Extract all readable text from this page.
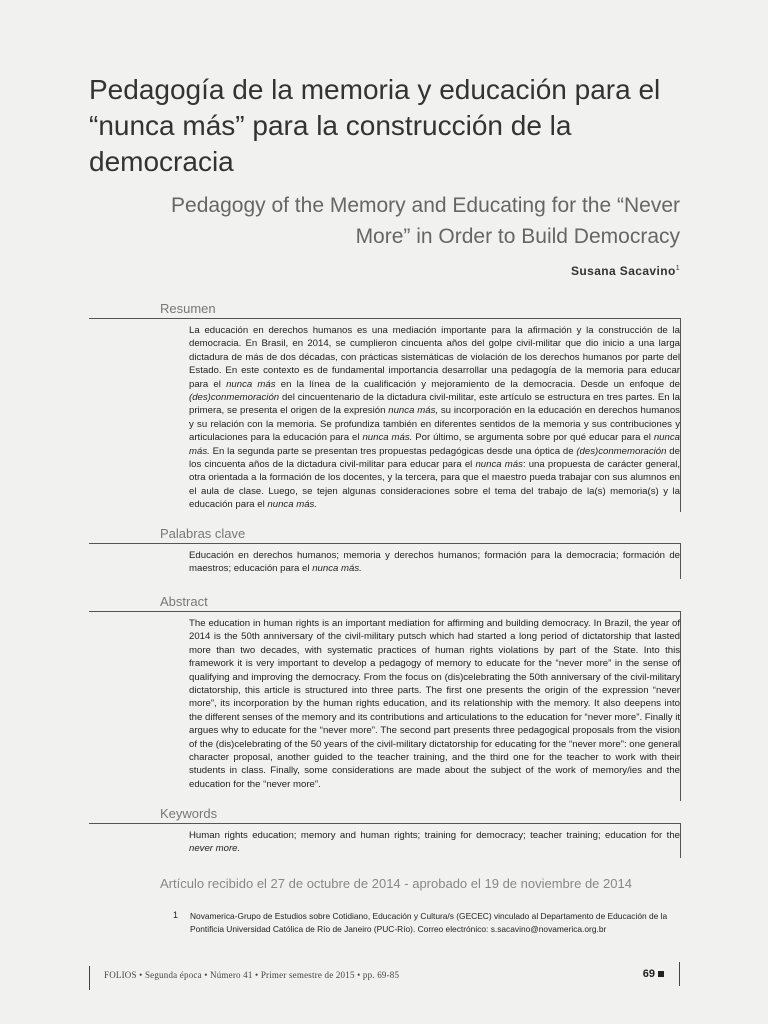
Pedagogía de la memoria y educación para el “nunca más” para la construcción de la democracia
Pedagogy of the Memory and Educating for the “Never More” in Order to Build Democracy
Susana Sacavino$^1$
Resumen
La educación en derechos humanos es una mediación importante para la afirmación y la construcción de la democracia. En Brasil, en 2014, se cumplieron cincuenta años del golpe civil-militar que dio inicio a una larga dictadura de más de dos décadas, con prácticas sistemáticas de violación de los derechos humanos por parte del Estado. En este contexto es de fundamental importancia desarrollar una pedagogía de la memoria para educar para el nunca más en la línea de la cualificación y mejoramiento de la democracia. Desde un enfoque de (des)conmemoración del cincuentenario de la dictadura civil-militar, este artículo se estructura en tres partes. En la primera, se presenta el origen de la expresión nunca más, su incorporación en la educación en derechos humanos y su relación con la memoria. Se profundiza también en diferentes sentidos de la memoria y sus contribuciones y articulaciones para la educación para el nunca más. Por último, se argumenta sobre por qué educar para el nunca más. En la segunda parte se presentan tres propuestas pedagógicas desde una óptica de (des)conmemoración de los cincuenta años de la dictadura civil-militar para educar para el nunca más: una propuesta de carácter general, otra orientada a la formación de los docentes, y la tercera, para que el maestro pueda trabajar con sus alumnos en el aula de clase. Luego, se tejen algunas consideraciones sobre el tema del trabajo de la(s) memoria(s) y la educación para el nunca más.
Palabras clave
Educación en derechos humanos; memoria y derechos humanos; formación para la democracia; formación de maestros; educación para el nunca más.
Abstract
The education in human rights is an important mediation for affirming and building democracy. In Brazil, the year of 2014 is the 50th anniversary of the civil-military putsch which had started a long period of dictatorship that lasted more than two decades, with systematic practices of human rights violations by part of the State. Into this framework it is very important to develop a pedagogy of memory to educate for the “never more” in the sense of qualifying and improving the democracy. From the focus on (dis)celebrating the 50th anniversary of the civil-military dictatorship, this article is structured into three parts. The first one presents the origin of the expression “never more”, its incorporation by the human rights education, and its relationship with the memory. It also deepens into the different senses of the memory and its contributions and articulations to the education for “never more”. Finally it argues why to educate for the “never more”. The second part presents three pedagogical proposals from the vision of the (dis)celebrating of the 50 years of the civil-military dictatorship for educating for the “never more”: one general character proposal, another guided to the teacher training, and the third one for the teacher to work with their students in class. Finally, some considerations are made about the subject of the work of memory/ies and the education for the “never more”.
Keywords
Human rights education; memory and human rights; training for democracy; teacher training; education for the never more.
Artículo recibido el 27 de octubre de 2014 - aprobado el 19 de noviembre de 2014
1 Novamerica-Grupo de Estudios sobre Cotidiano, Educación y Cultura/s (GECEC) vinculado al Departamento de Educación de la Pontificia Universidad Católica de Río de Janeiro (PUC-Río). Correo electrónico: s.sacavino@novamerica.org.br
FOLIOS • Segunda época • Número 41 • Primer semestre de 2015 • pp. 69-85	69
